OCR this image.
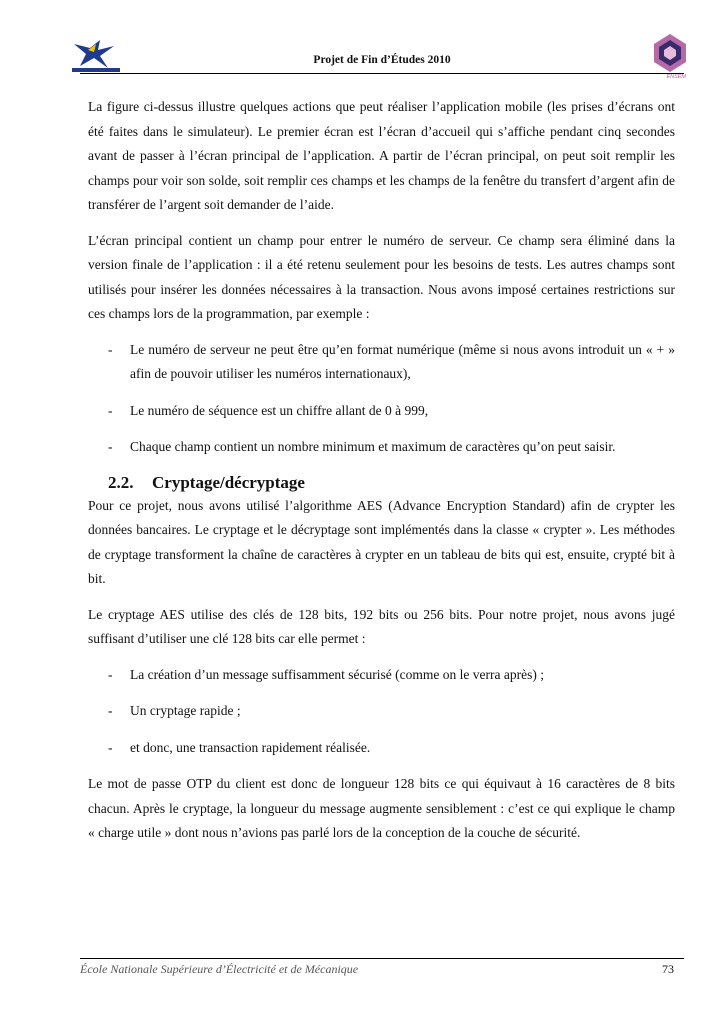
Projet de Fin d’Études 2010
ENSEM

La figure ci-dessus illustre quelques actions que peut réaliser l’application mobile (les prises d’écrans ont été faites dans le simulateur). Le premier écran est l’écran d’accueil qui s’affiche pendant cinq secondes avant de passer à l’écran principal de l’application. A partir de l’écran principal, on peut soit remplir les champs pour voir son solde, soit remplir ces champs et les champs de la fenêtre du transfert d’argent afin de transférer de l’argent soit demander de l’aide.

L’écran principal contient un champ pour entrer le numéro de serveur. Ce champ sera éliminé dans la version finale de l’application : il a été retenu seulement pour les besoins de tests. Les autres champs sont utilisés pour insérer les données nécessaires à la transaction. Nous avons imposé certaines restrictions sur ces champs lors de la programmation, par exemple :

- Le numéro de serveur ne peut être qu’en format numérique (même si nous avons introduit un « + » afin de pouvoir utiliser les numéros internationaux),
- Le numéro de séquence est un chiffre allant de 0 à 999,
- Chaque champ contient un nombre minimum et maximum de caractères qu’on peut saisir.
2.2. Cryptage/décryptage

Pour ce projet, nous avons utilisé l’algorithme AES (Advance Encryption Standard) afin de crypter les données bancaires. Le cryptage et le décryptage sont implémentés dans la classe « crypter ». Les méthodes de cryptage transforment la chaîne de caractères à crypter en un tableau de bits qui est, ensuite, crypté bit à bit.

Le cryptage AES utilise des clés de 128 bits, 192 bits ou 256 bits. Pour notre projet, nous avons jugé suffisant d’utiliser une clé 128 bits car elle permet :

- La création d’un message suffisamment sécurisé (comme on le verra après) ;
- Un cryptage rapide ;
- et donc, une transaction rapidement réalisée.

Le mot de passe OTP du client est donc de longueur 128 bits ce qui équivaut à 16 caractères de 8 bits chacun. Après le cryptage, la longueur du message augmente sensiblement : c’est ce qui explique le champ « charge utile » dont nous n’avions pas parlé lors de la conception de la couche de sécurité.

École Nationale Supérieure d’Électricité et de Mécanique	73
